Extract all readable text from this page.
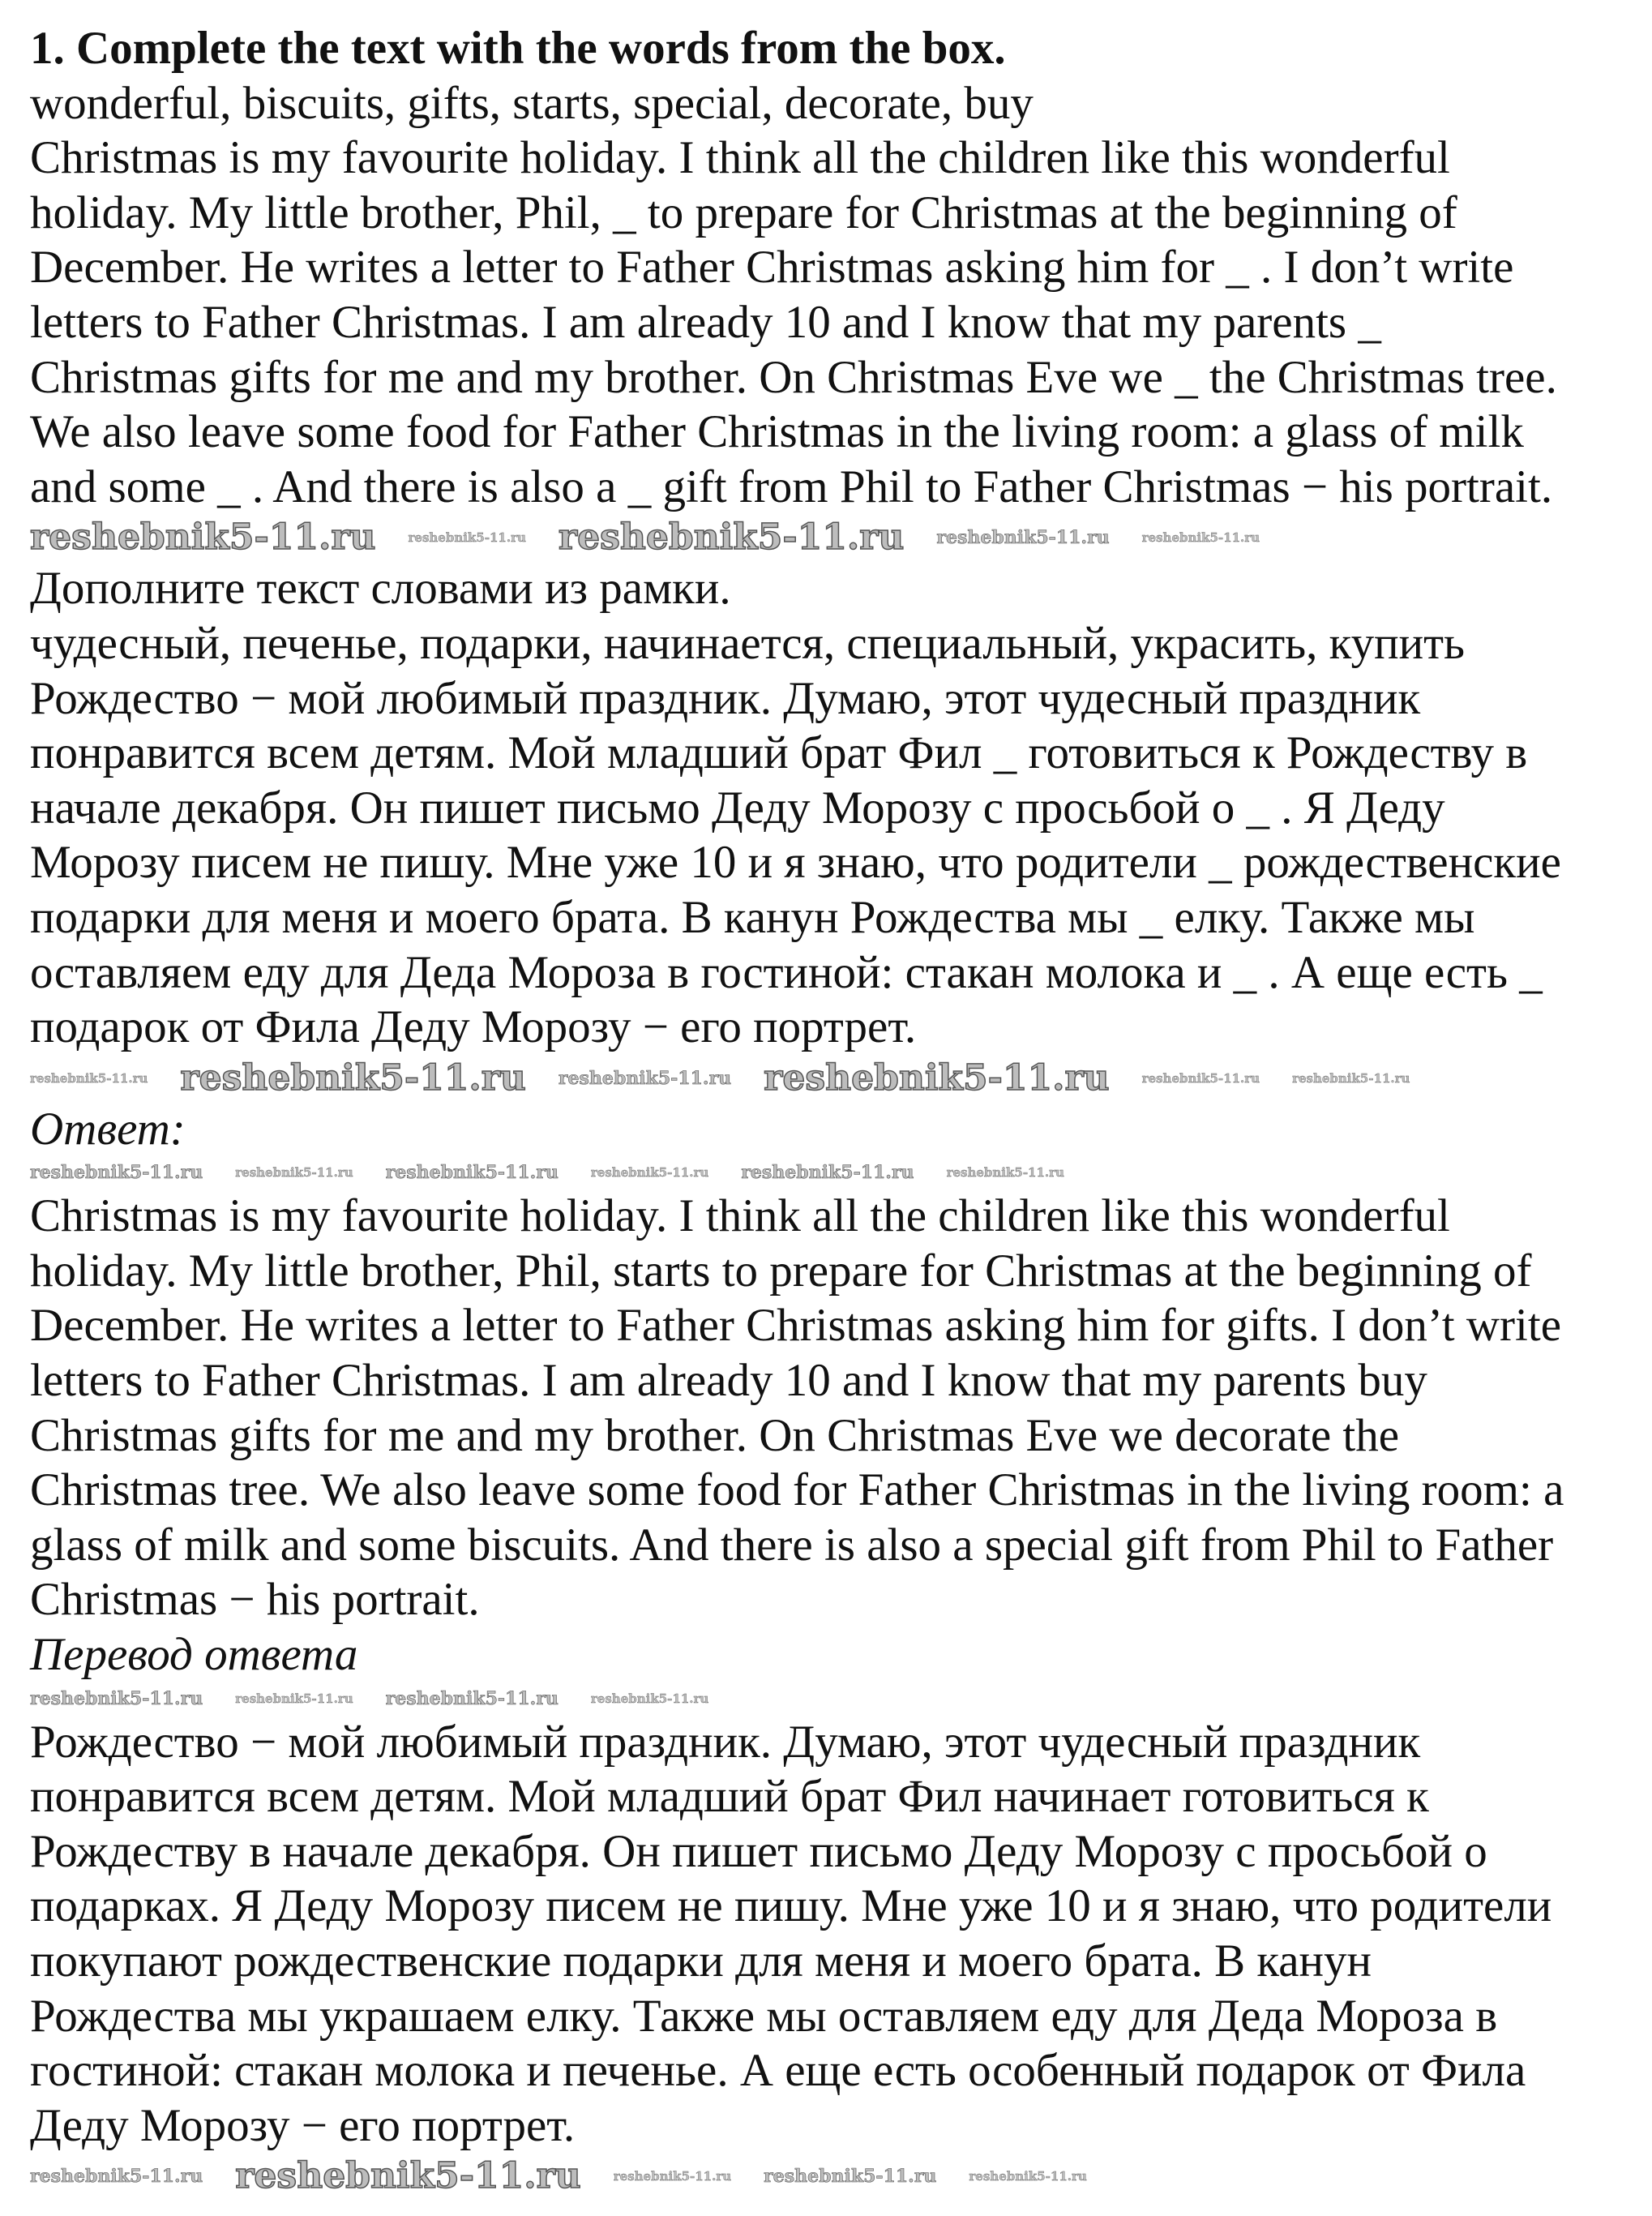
1. Complete the text with the words from the box.
wonderful, biscuits, gifts, starts, special, decorate, buy
Christmas is my favourite holiday. I think all the children like this wonderful
holiday. My little brother, Phil, _ to prepare for Christmas at the beginning of
December. He writes a letter to Father Christmas asking him for _ . I don’t write
letters to Father Christmas. I am already 10 and I know that my parents _
Christmas gifts for me and my brother. On Christmas Eve we _ the Christmas tree.
We also leave some food for Father Christmas in the living room: a glass of milk
and some _ . And there is also a _ gift from Phil to Father Christmas − his portrait.
reshebnik5-11.ru	reshebnik5-11.ru reshebnik5-11.ru reshebnik5-11.ru	reshebnik5-11.ru
Дополните текст словами из рамки.
чудесный, печенье, подарки, начинается, специальный, украсить, купить
Рождество − мой любимый праздник. Думаю, этот чудесный праздник
понравится всем детям. Мой младший брат Фил _ готовиться к Рождеству в
начале декабря. Он пишет письмо Деду Морозу с просьбой о _ . Я Деду
Морозу писем не пишу. Мне уже 10 и я знаю, что родители _ рождественские
подарки для меня и моего брата. В канун Рождества мы _ елку. Также мы
оставляем еду для Деда Мороза в гостиной: стакан молока и _ . А еще есть _
подарок от Фила Деду Морозу − его портрет.
reshebnik5-11.ru reshebnik5-11.ru reshebnik5-11.ru reshebnik5-11.ru	reshebnik5-11.ru	reshebnik5-11.ru
Ответ:
reshebnik5-11.ru	reshebnik5-11.ru reshebnik5-11.ru	reshebnik5-11.ru reshebnik5-11.ru	reshebnik5-11.ru
Christmas is my favourite holiday. I think all the children like this wonderful
holiday. My little brother, Phil, starts to prepare for Christmas at the beginning of
December. He writes a letter to Father Christmas asking him for gifts. I don’t write
letters to Father Christmas. I am already 10 and I know that my parents buy
Christmas gifts for me and my brother. On Christmas Eve we decorate the
Christmas tree. We also leave some food for Father Christmas in the living room: a
glass of milk and some biscuits. And there is also a special gift from Phil to Father
Christmas − his portrait.
Перевод ответа
reshebnik5-11.ru	reshebnik5-11.ru reshebnik5-11.ru	reshebnik5-11.ru
Рождество − мой любимый праздник. Думаю, этот чудесный праздник
понравится всем детям. Мой младший брат Фил начинает готовиться к
Рождеству в начале декабря. Он пишет письмо Деду Морозу с просьбой о
подарках. Я Деду Морозу писем не пишу. Мне уже 10 и я знаю, что родители
покупают рождественские подарки для меня и моего брата. В канун
Рождества мы украшаем елку. Также мы оставляем еду для Деда Мороза в
гостиной: стакан молока и печенье. А еще есть особенный подарок от Фила
Деду Морозу − его портрет.
reshebnik5-11.ru reshebnik5-11.ru	reshebnik5-11.ru reshebnik5-11.ru	reshebnik5-11.ru
